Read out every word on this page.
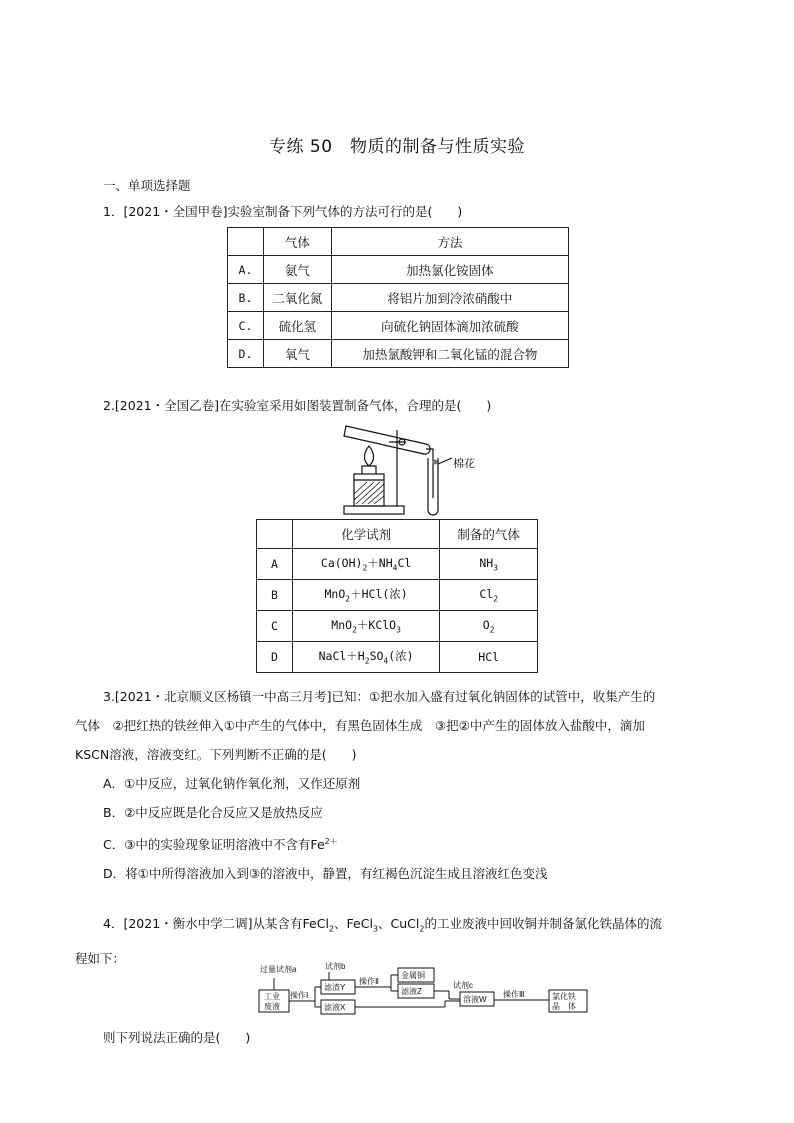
专练 50　物质的制备与性质实验
一、单项选择题
1．[2021・全国甲卷]实验室制备下列气体的方法可行的是(　　)
	气体	方法
A.	氨气	加热氯化铵固体
B.	二氧化氮	将铝片加到冷浓硝酸中
C.	硫化氢	向硫化钠固体滴加浓硫酸
D.	氧气	加热氯酸钾和二氧化锰的混合物
2.[2021・全国乙卷]在实验室采用如图装置制备气体，合理的是(　　)
棉花
	化学试剂	制备的气体
A	$Ca(OH)_2+NH_4Cl$	$NH_3$
B	MnO$_2$＋HCl(浓)	$Cl_2$
C	MnO$_2$＋KClO$_3$	$O_2$
D	$NaCl+H_2SO_4$(浓)	HCl
3.[2021・北京顺义区杨镇一中高三月考]已知：①把水加入盛有过氧化钠固体的试管中，收集产生的
气体　②把红热的铁丝伸入①中产生的气体中，有黑色固体生成　③把②中产生的固体放入盐酸中，滴加
KSCN溶液，溶液变红。下列判断不正确的是(　　)
A．①中反应，过氧化钠作氧化剂，又作还原剂
B．②中反应既是化合反应又是放热反应
C．③中的实验现象证明溶液中不含有$Fe^{2+}$
D．将①中所得溶液加入到③的溶液中，静置，有红褐色沉淀生成且溶液红色变浅
4．[2021・衡水中学二调]从某含有FeCl$_2$、FeCl$_3$、CuCl$_2$的工业废液中回收铜并制备氯化铁晶体的流
程如下：
过量试剂a	试剂b
试剂c
工业
废液
操作Ⅰ
操作Ⅱ
操作Ⅲ
滤渣Y
滤液X
金属铜
滤液Z
溶液W	氯化铁
晶　体
则下列说法正确的是(　　)
